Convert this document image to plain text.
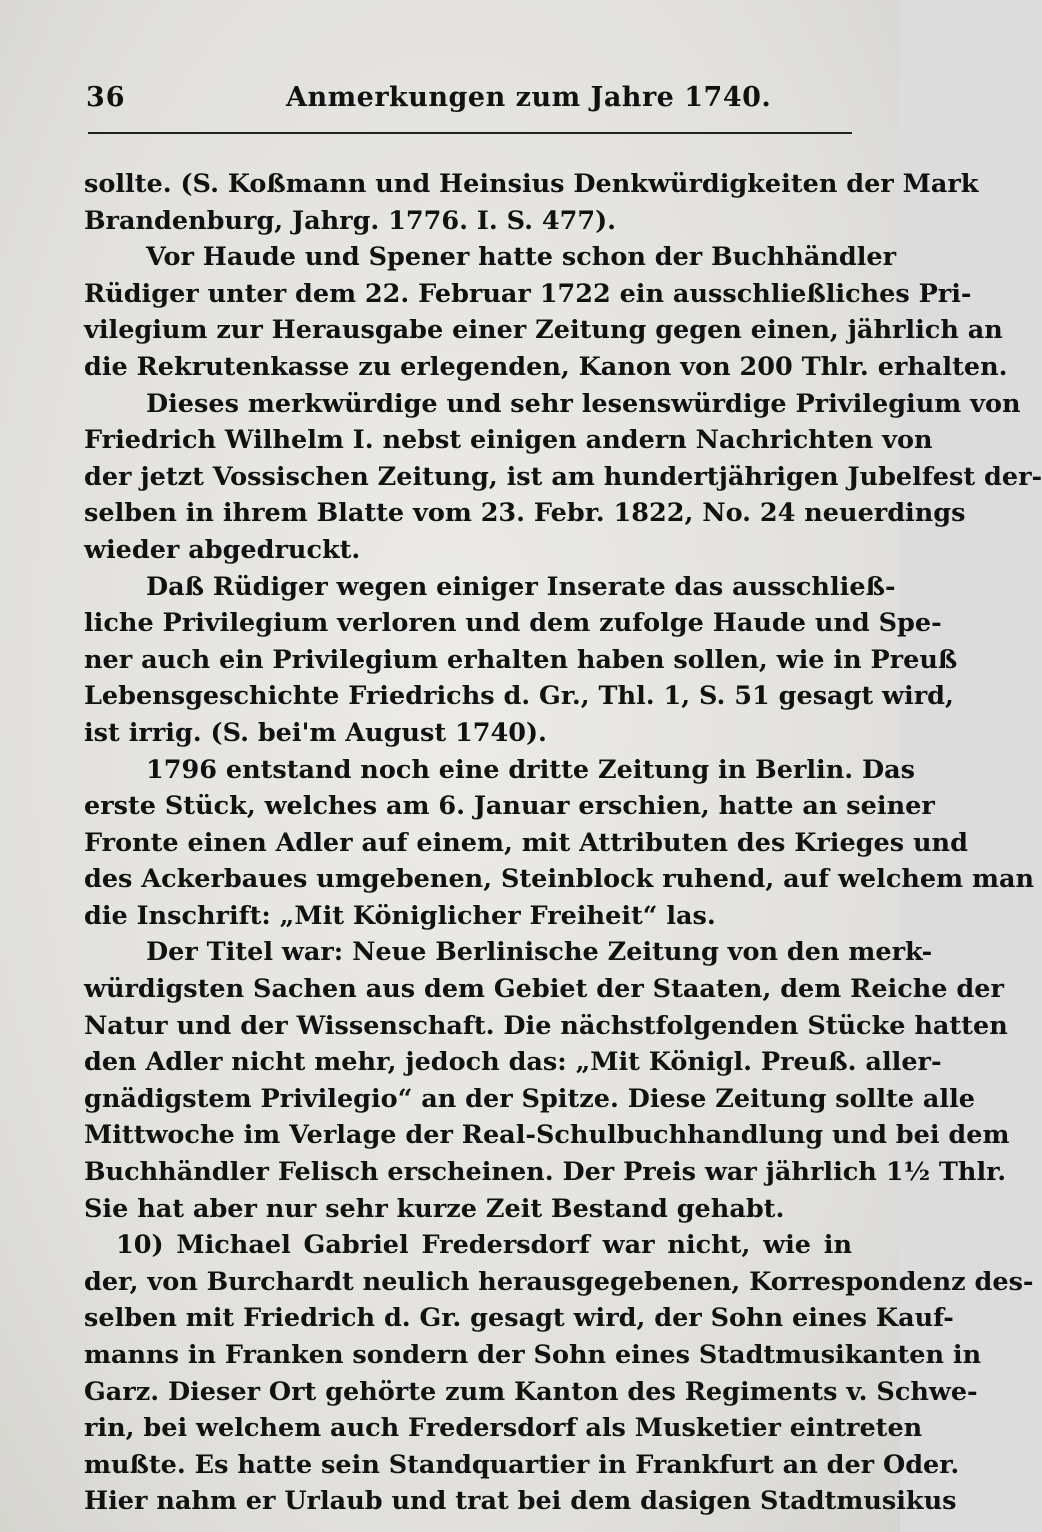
36	Anmerkungen zum Jahre 1740.
sollte. (S. Koßmann und Heinsius Denkwürdigkeiten der Mark
Brandenburg, Jahrg. 1776. I. S. 477).
Vor Haude und Spener hatte schon der Buchhändler
Rüdiger unter dem 22. Februar 1722 ein ausschließliches Pri-
vilegium zur Herausgabe einer Zeitung gegen einen, jährlich an
die Rekrutenkasse zu erlegenden, Kanon von 200 Thlr. erhalten.
Dieses merkwürdige und sehr lesenswürdige Privilegium von
Friedrich Wilhelm I. nebst einigen andern Nachrichten von
der jetzt Vossischen Zeitung, ist am hundertjährigen Jubelfest der-
selben in ihrem Blatte vom 23. Febr. 1822, No. 24 neuerdings
wieder abgedruckt.
Daß Rüdiger wegen einiger Inserate das ausschließ-
liche Privilegium verloren und dem zufolge Haude und Spe-
ner auch ein Privilegium erhalten haben sollen, wie in Preuß
Lebensgeschichte Friedrichs d. Gr., Thl. 1, S. 51 gesagt wird,
ist irrig. (S. bei'm August 1740).
1796 entstand noch eine dritte Zeitung in Berlin. Das
erste Stück, welches am 6. Januar erschien, hatte an seiner
Fronte einen Adler auf einem, mit Attributen des Krieges und
des Ackerbaues umgebenen, Steinblock ruhend, auf welchem man
die Inschrift: „Mit Königlicher Freiheit“ las.
Der Titel war: Neue Berlinische Zeitung von den merk-
würdigsten Sachen aus dem Gebiet der Staaten, dem Reiche der
Natur und der Wissenschaft. Die nächstfolgenden Stücke hatten
den Adler nicht mehr, jedoch das: „Mit Königl. Preuß. aller-
gnädigstem Privilegio“ an der Spitze. Diese Zeitung sollte alle
Mittwoche im Verlage der Real-Schulbuchhandlung und bei dem
Buchhändler Felisch erscheinen. Der Preis war jährlich 1½ Thlr.
Sie hat aber nur sehr kurze Zeit Bestand gehabt.
10) Michael Gabriel Fredersdorf war nicht, wie in
der, von Burchardt neulich herausgegebenen, Korrespondenz des-
selben mit Friedrich d. Gr. gesagt wird, der Sohn eines Kauf-
manns in Franken sondern der Sohn eines Stadtmusikanten in
Garz. Dieser Ort gehörte zum Kanton des Regiments v. Schwe-
rin, bei welchem auch Fredersdorf als Musketier eintreten
mußte. Es hatte sein Standquartier in Frankfurt an der Oder.
Hier nahm er Urlaub und trat bei dem dasigen Stadtmusikus
